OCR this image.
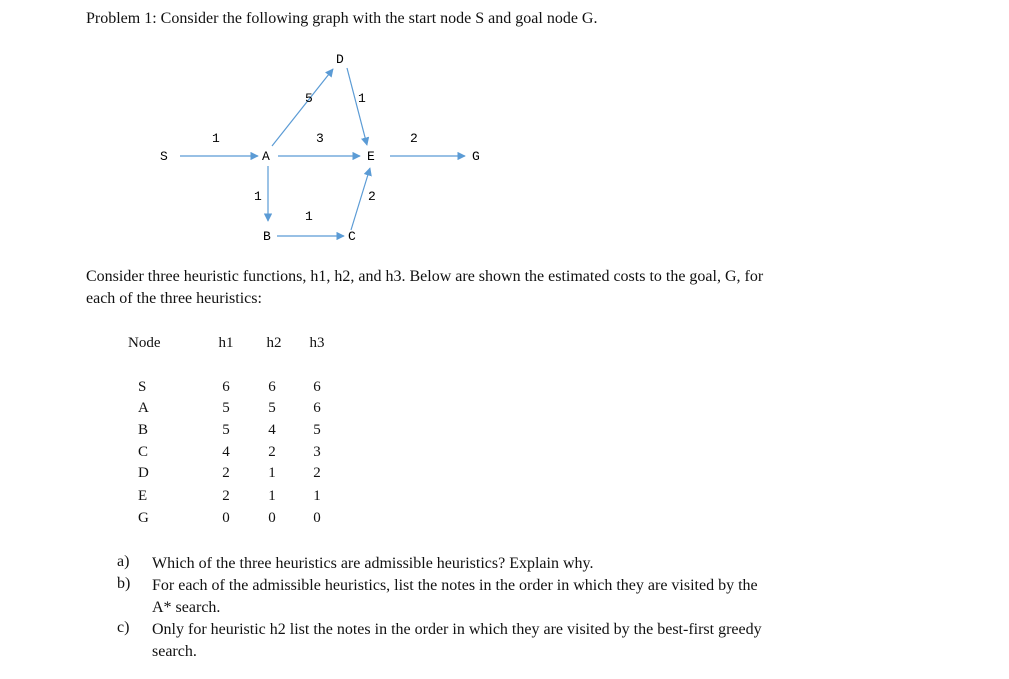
Problem 1: Consider the following graph with the start node S and goal node G.
S	A
D
E	G
B	C
1
5
3
1
1
1
2
2
Consider three heuristic functions, h1, h2, and h3. Below are shown the estimated costs to the goal, G, for
each of the three heuristics:
Node	h1	h2	h3
S	6	6	6
A	5	5	6
B	5	4	5
C	4	2	3
D	2	1	2
E	2	1	1
G	0	0	0
a)	Which of the three heuristics are admissible heuristics? Explain why.
b)	For each of the admissible heuristics, list the notes in the order in which they are visited by the
A* search.
c)	Only for heuristic h2 list the notes in the order in which they are visited by the best-first greedy
search.
